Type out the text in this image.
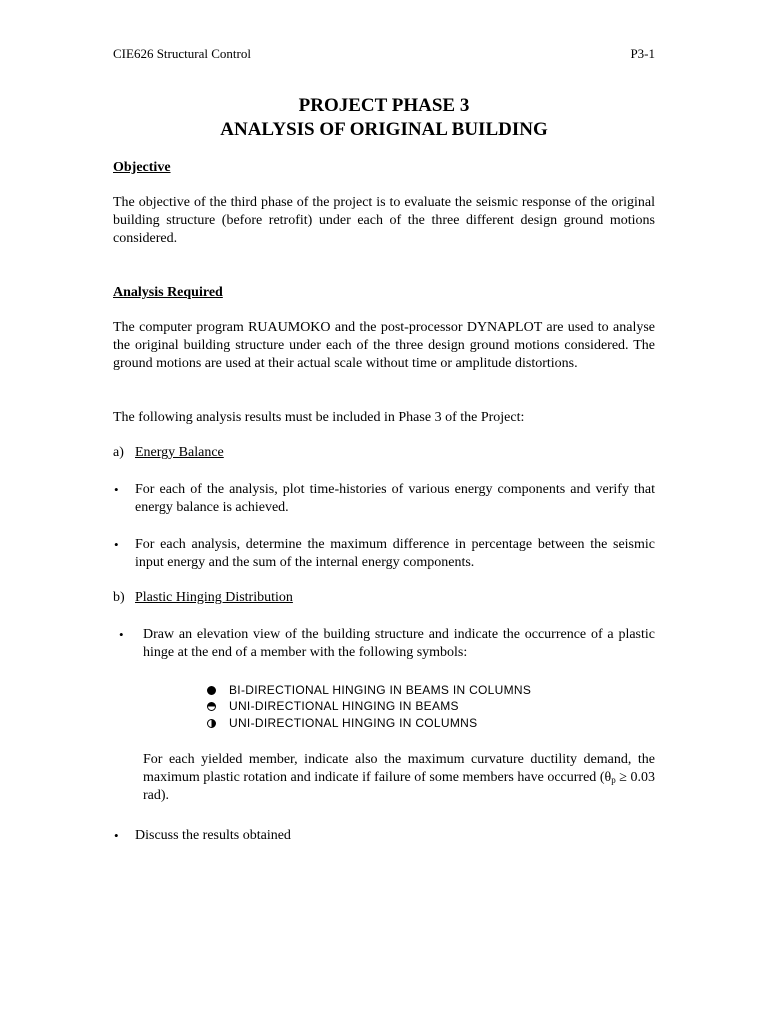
CIE626 Structural Control	P3-1
PROJECT PHASE 3
ANALYSIS OF ORIGINAL BUILDING
Objective
The objective of the third phase of the project is to evaluate the seismic response of the original building structure (before retrofit) under each of the three different design ground motions considered.
Analysis Required
The computer program RUAUMOKO and the post-processor DYNAPLOT are used to analyse the original building structure under each of the three design ground motions considered. The ground motions are used at their actual scale without time or amplitude distortions.
The following analysis results must be included in Phase 3 of the Project:
a) Energy Balance
• For each of the analysis, plot time-histories of various energy components and verify that energy balance is achieved.
• For each analysis, determine the maximum difference in percentage between the seismic input energy and the sum of the internal energy components.
b) Plastic Hinging Distribution
• Draw an elevation view of the building structure and indicate the occurrence of a plastic hinge at the end of a member with the following symbols:
BI-DIRECTIONAL HINGING IN BEAMS IN COLUMNS
UNI-DIRECTIONAL HINGING IN BEAMS
UNI-DIRECTIONAL HINGING IN COLUMNS
For each yielded member, indicate also the maximum curvature ductility demand, the maximum plastic rotation and indicate if failure of some members have occurred ($\theta_p \ge 0.03$ rad).
• Discuss the results obtained
